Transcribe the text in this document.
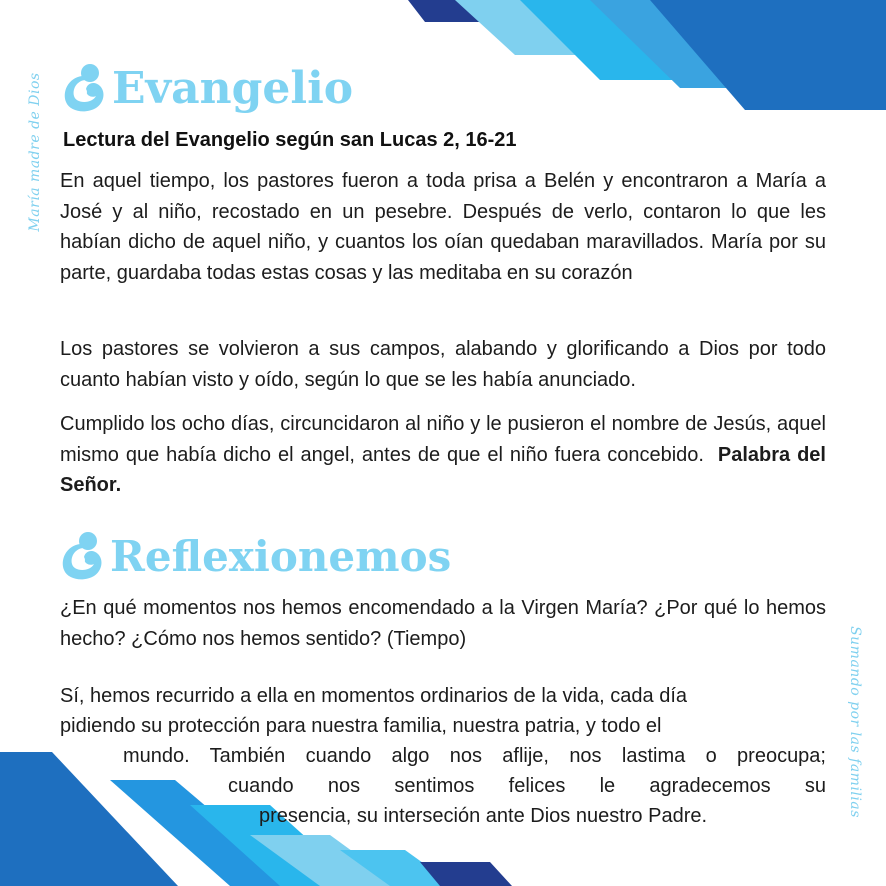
María madre de Dios
Sumando por las familias
Evangelio
Lectura del Evangelio según san Lucas 2, 16-21

En aquel tiempo, los pastores fueron a toda prisa a Belén y encontraron a María a José y al niño, recostado en un pesebre. Después de verlo, contaron lo que les habían dicho de aquel niño, y cuantos los oían quedaban maravillados. María por su parte, guardaba todas estas cosas y las meditaba en su corazón

Los pastores se volvieron a sus campos, alabando y glorificando a Dios por todo cuanto habían visto y oído, según lo que se les había anunciado.

Cumplido los ocho días, circuncidaron al niño y le pusieron el nombre de Jesús, aquel mismo que había dicho el angel, antes de que el niño fuera concebido. Palabra del Señor.

Reflexionemos

¿En qué momentos nos hemos encomendado a la Virgen María? ¿Por qué lo hemos hecho? ¿Cómo nos hemos sentido? (Tiempo)

Sí, hemos recurrido a ella en momentos ordinarios de la vida, cada día
pidiendo su protección para nuestra familia, nuestra patria, y todo el
mundo. También cuando algo nos aflije, nos lastima o preocupa;
cuando nos sentimos felices le agradecemos su
presencia, su interseción ante Dios nuestro Padre.
